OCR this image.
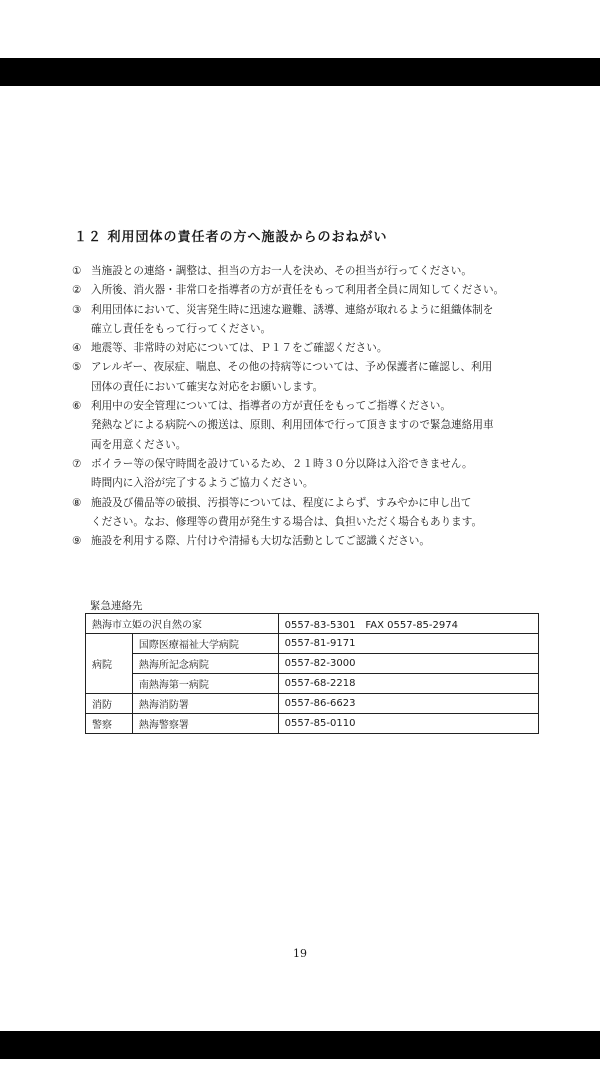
１２ 利用団体の責任者の方へ施設からのおねがい
① 当施設との連絡・調整は、担当の方お一人を決め、その担当が行ってください。
② 入所後、消火器・非常口を指導者の方が責任をもって利用者全員に周知してください。
③ 利用団体において、災害発生時に迅速な避難、誘導、連絡が取れるように組織体制を
確立し責任をもって行ってください。
④ 地震等、非常時の対応については、Ｐ１７をご確認ください。
⑤ アレルギー、夜尿症、喘息、その他の持病等については、予め保護者に確認し、利用
団体の責任において確実な対応をお願いします。
⑥ 利用中の安全管理については、指導者の方が責任をもってご指導ください。
発熱などによる病院への搬送は、原則、利用団体で行って頂きますので緊急連絡用車
両を用意ください。
⑦ ボイラー等の保守時間を設けているため、２１時３０分以降は入浴できません。
時間内に入浴が完了するようご協力ください。
⑧ 施設及び備品等の破損、汚損等については、程度によらず、すみやかに申し出て
ください。なお、修理等の費用が発生する場合は、負担いただく場合もあります。
⑨ 施設を利用する際、片付けや清掃も大切な活動としてご認識ください。
緊急連絡先
熱海市立姫の沢自然の家		0557-83-5301　FAX 0557-85-2974
病院	国際医療福祉大学病院	0557-81-9171
	熱海所記念病院	0557-82-3000
	南熱海第一病院	0557-68-2218
消防	熱海消防署	0557-86-6623
警察	熱海警察署	0557-85-0110
19
